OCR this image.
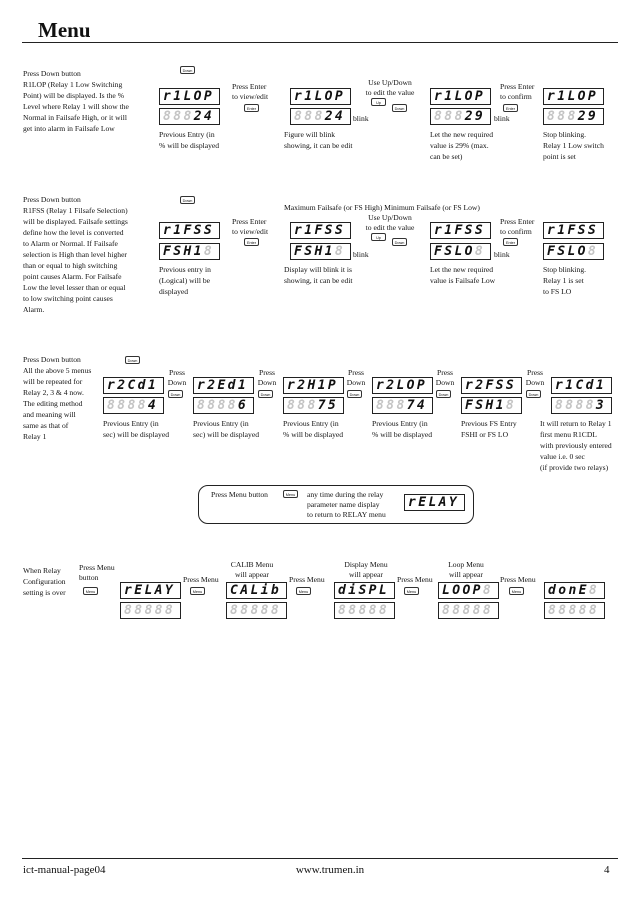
Menu
Press Down button
R1LOP (Relay 1 Low Switching
Point) will be displayed. Is the %
Level where Relay 1 will show the
Normal in Failsafe High, or it will
get into alarm in Failsafe Low
Down
r1LOP
88824
Press Enter
to view/edit
Enter
r1LOP
88824	blink
Use Up/Down
to edit the value
Up
Down
r1LOP
88829	blink
Press Enter
to confirm
Enter
r1LOP
88829
Previous Entry (in
% will be displayed
Figure will blink
showing, it can be edit
Let the new required
value is 29% (max.
can be set)
Stop blinking.
Relay 1 Low switch
point is set
Press Down button
R1FSS (Relay 1 Filsafe Selection)
will be displayed. Failsafe settings
define how the level is converted
to Alarm or Normal. If Failsafe
selection is High than level higher
than or equal to high switching
point causes Alarm. For Failsafe
Low the level lesser than or equal
to low switching point causes
Alarm.
Down
Maximum Failsafe (or FS High) Minimum Failsafe (or FS Low)
r1FSS
FSH18
Press Enter
to view/edit
Enter
r1FSS
FSH18	blink
Use Up/Down
to edit the value
Up
Down
r1FSS
FSLO8	blink
Press Enter
to confirm
Enter
r1FSS
FSLO8
Previous entry in
(Logical) will be
displayed
Display will blink it is
showing, it can be edit
Let the new required
value is Failsafe Low
Stop blinking.
Relay 1 is set
to FS LO
Press Down button
All the above 5 menus
will be repeated for
Relay 2, 3 & 4 now.
The editing method
and meaning will
same as that of
Relay 1
Down
r2Cd1
88884
Press
Down
Down
r2Ed1
88886
Press
Down
Down
r2H1P
88875
Press
Down
Down
r2LOP
88874
Press
Down
Down
r2FSS
FSH18
Press
Down
Down
r1Cd1
88883
Previous Entry (in
sec) will be displayed
Previous Entry (in
sec) will be displayed
Previous Entry (in
% will be displayed
Previous Entry (in
% will be displayed
Previous FS Entry
FSHI or FS LO
It will return to Relay 1
first menu R1CDL
with previously entered
value i.e. 0 sec
(if provide two relays)
Press Menu button	Menu	any time during the relay
parameter name display
to return to RELAY menu
rELAY
When Relay
Configuration
setting is over
Press Menu
button
Menu	rELAY
88888
Press Menu
Menu
CALIB Menu
will appear
CALib
88888
Press Menu
Menu
Display Menu
will appear
diSPL
88888
Press Menu
Menu
Loop Menu
will appear
LOOP8
88888
Press Menu
Menu	donE8
88888
ict-manual-page04	www.trumen.in	4
